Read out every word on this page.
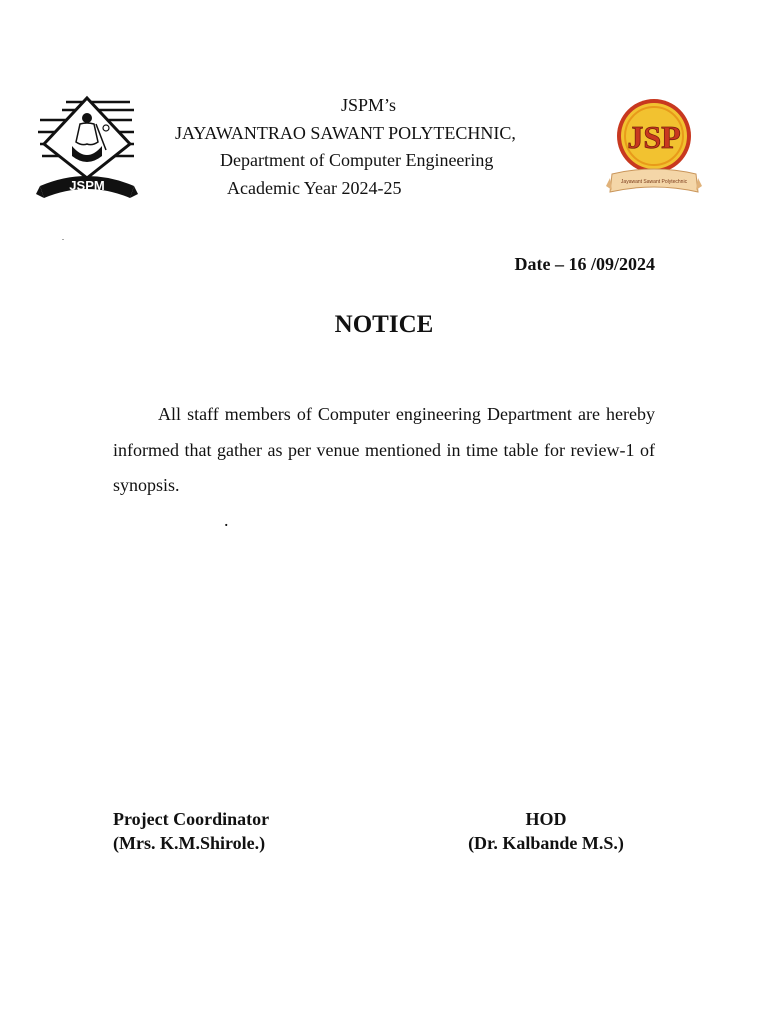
JSPM
JSPM’s
JAYAWANTRAO SAWANT POLYTECHNIC,
Department of Computer Engineering
Academic Year 2024-25
JSP
Jayawant Sawant Polytechnic
.
Date – 16 /09/2024
NOTICE
All staff members of Computer engineering Department are hereby informed that gather as per venue mentioned in time table for review-1 of synopsis.
.
Project Coordinator
(Mrs. K.M.Shirole.)
HOD
(Dr. Kalbande M.S.)
